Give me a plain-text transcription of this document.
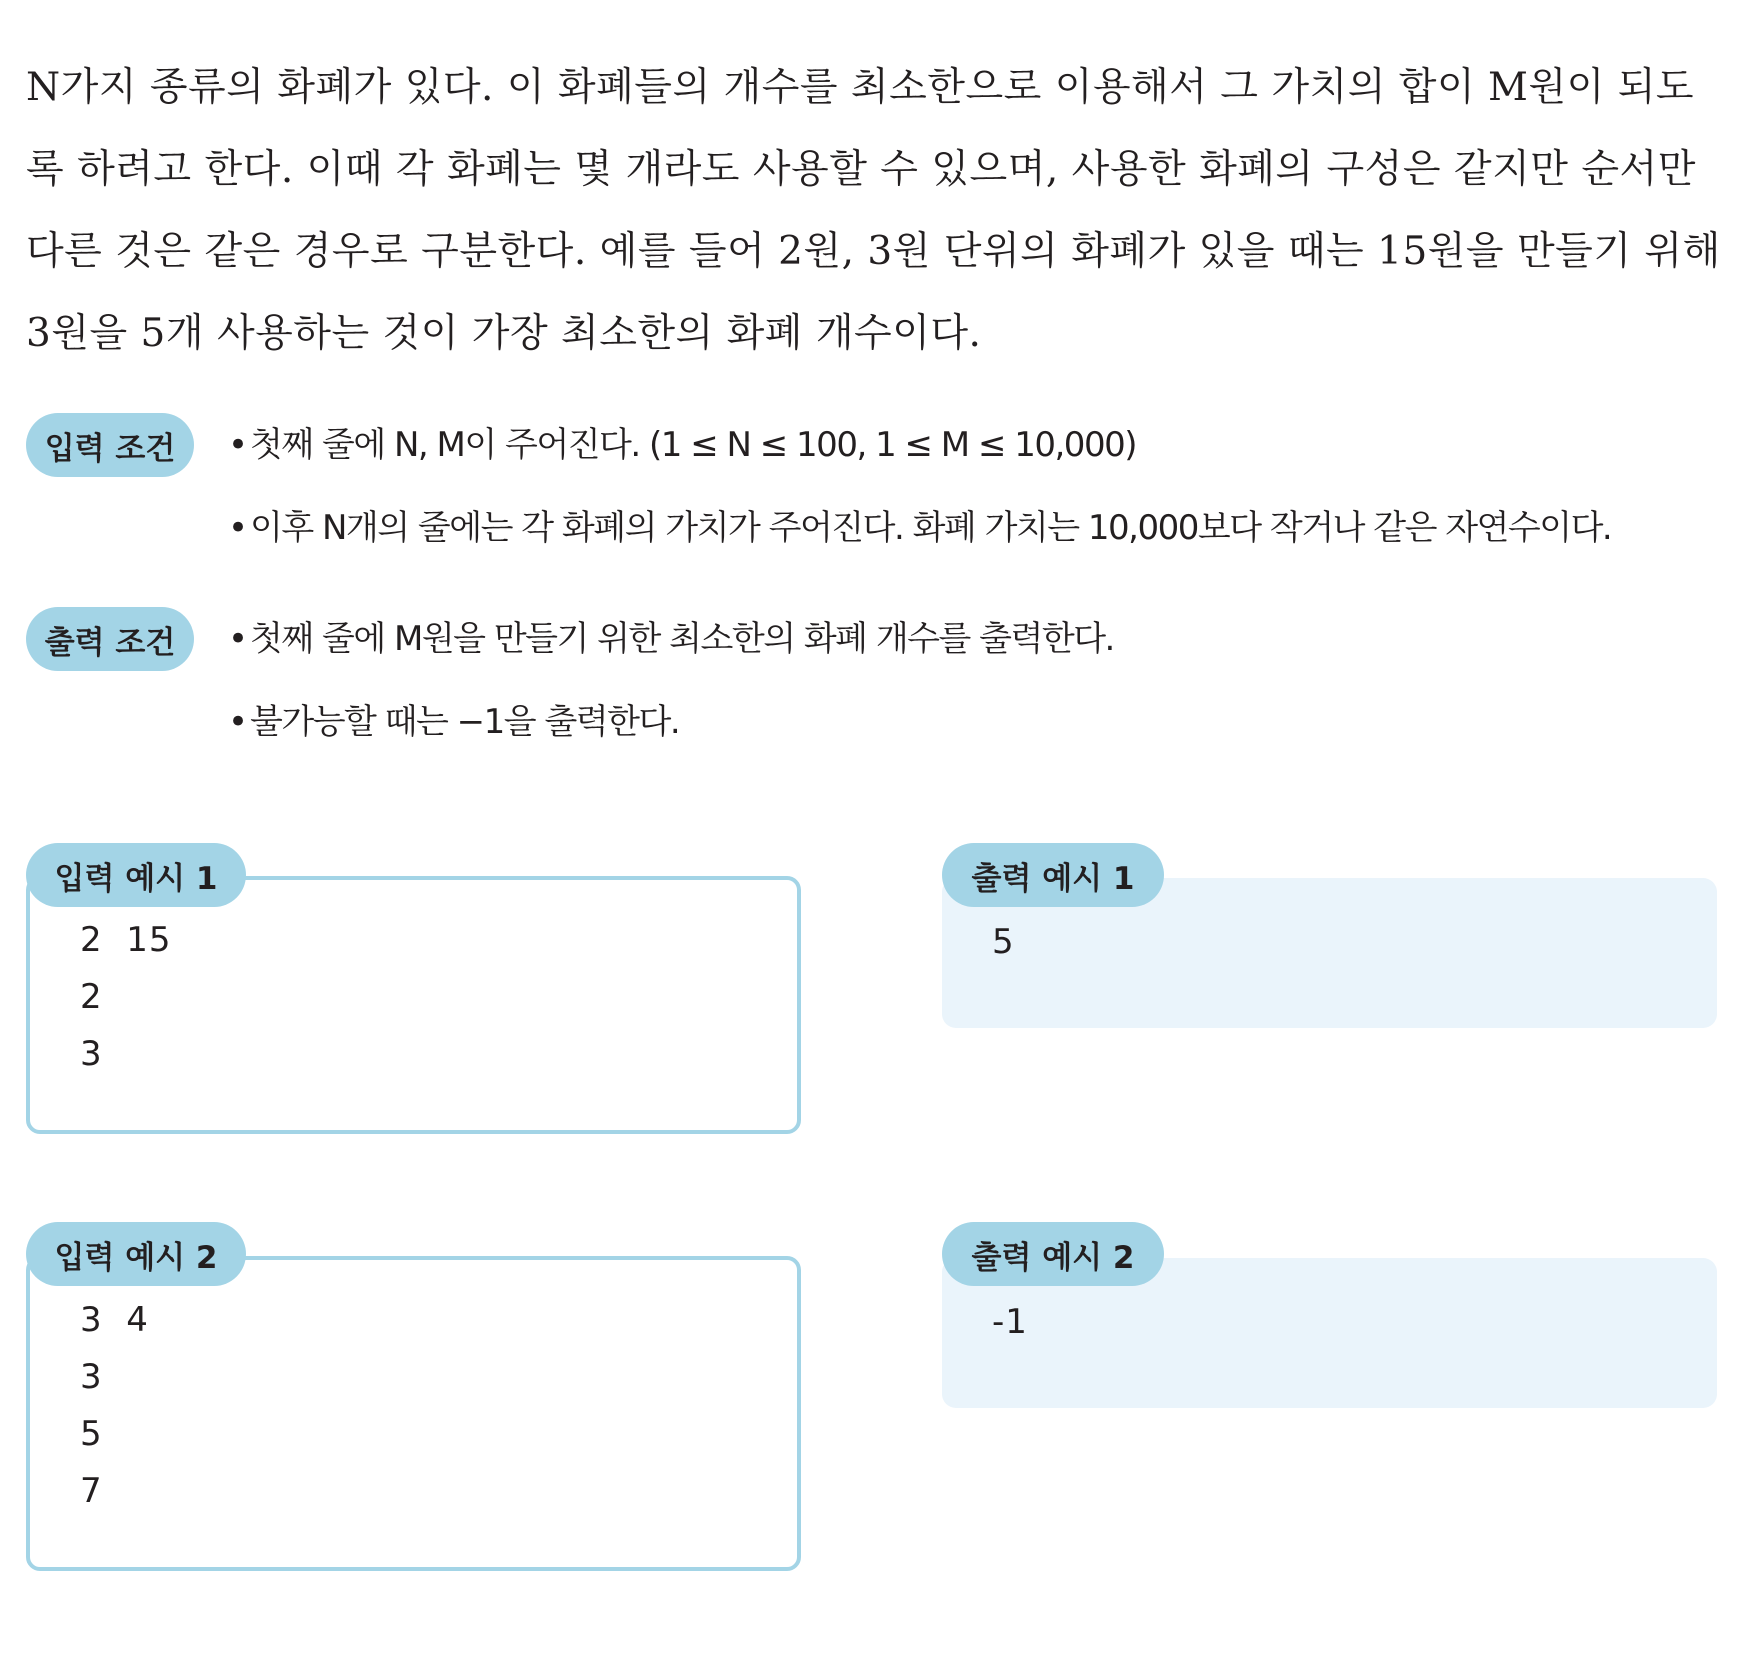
N가지 종류의 화폐가 있다. 이 화폐들의 개수를 최소한으로 이용해서 그 가치의 합이 M원이 되도

록 하려고 한다. 이때 각 화폐는 몇 개라도 사용할 수 있으며, 사용한 화폐의 구성은 같지만 순서만

다른 것은 같은 경우로 구분한다. 예를 들어 2원, 3원 단위의 화폐가 있을 때는 15원을 만들기 위해

3원을 5개 사용하는 것이 가장 최소한의 화폐 개수이다.

입력 조건	• 첫째 줄에 N, M이 주어진다. (1 ≤ N ≤ 100, 1 ≤ M ≤ 10,000)
• 이후 N개의 줄에는 각 화폐의 가치가 주어진다. 화폐 가치는 10,000보다 작거나 같은 자연수이다.
출력 조건	• 첫째 줄에 M원을 만들기 위한 최소한의 화폐 개수를 출력한다.
• 불가능할 때는 −1을 출력한다.
2  15
2
3
입력 예시 1
5
출력 예시 1
3  4
3
5
7
입력 예시 2
-1
출력 예시 2
